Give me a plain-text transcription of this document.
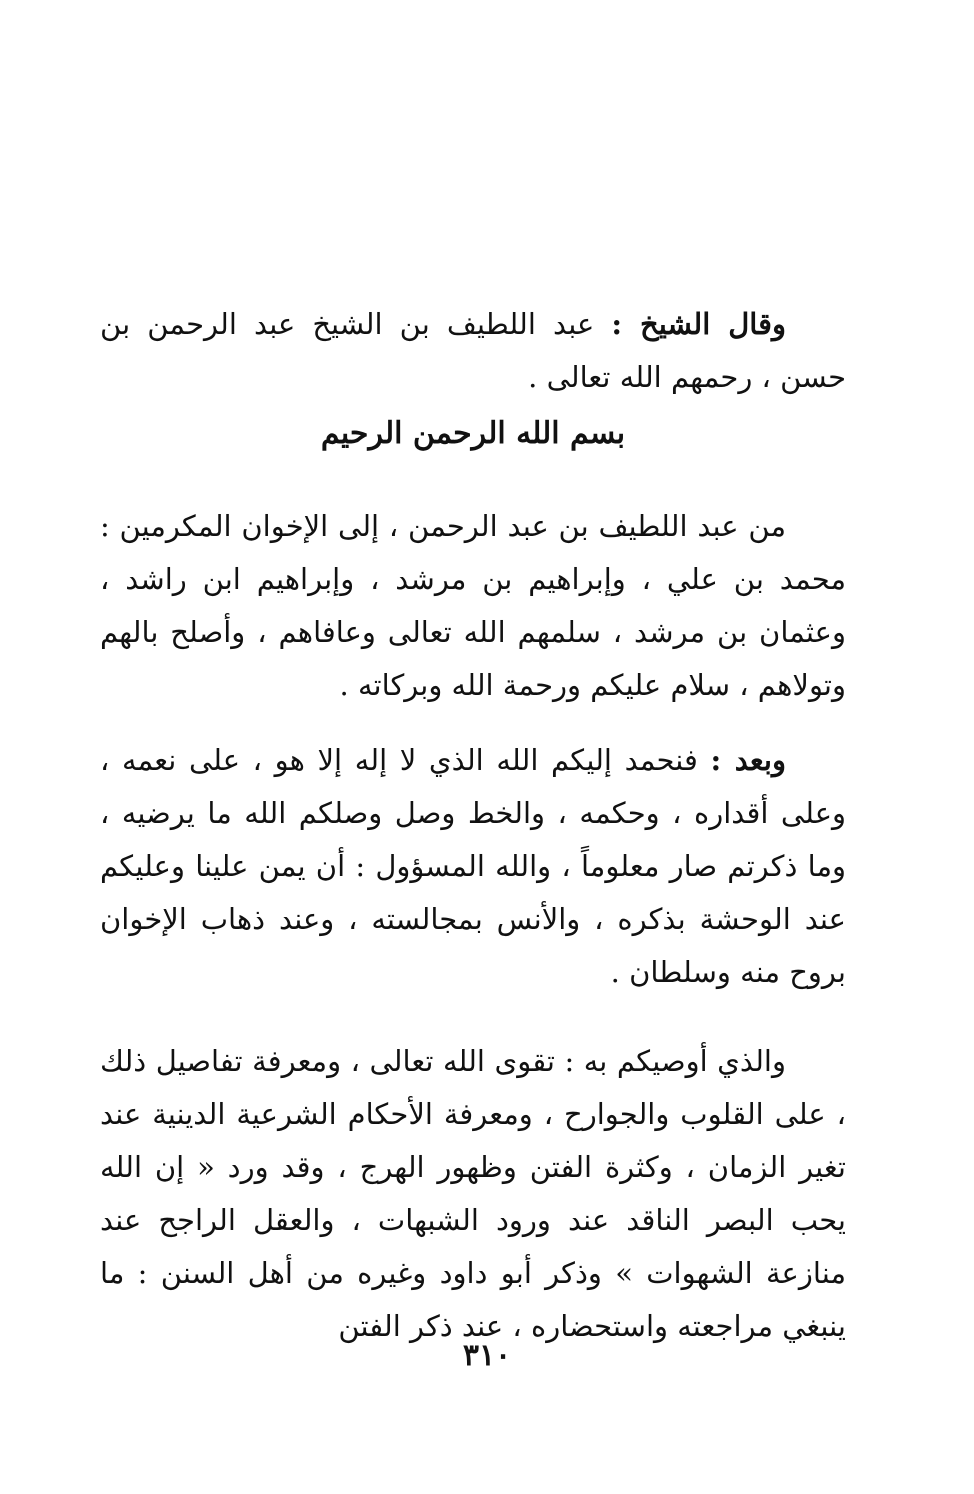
وقال الشيخ : عبد اللطيف بن الشيخ عبد الرحمن بن حسن ، رحمهم الله تعالى .

بسم الله الرحمن الرحيم

من عبد اللطيف بن عبد الرحمن ، إلى الإخوان المكرمين : محمد بن علي ، وإبراهيم بن مرشد ، وإبراهيم ابن راشد ، وعثمان بن مرشد ، سلمهم الله تعالى وعافاهم ، وأصلح بالهم وتولاهم ، سلام عليكم ورحمة الله وبركاته .

وبعد : فنحمد إليكم الله الذي لا إله إلا هو ، على نعمه ، وعلى أقداره ، وحكمه ، والخط وصل وصلكم الله ما يرضيه ، وما ذكرتم صار معلوماً ، والله المسؤول : أن يمن علينا وعليكم عند الوحشة بذكره ، والأنس بمجالسته ، وعند ذهاب الإخوان بروح منه وسلطان .

والذي أوصيكم به : تقوى الله تعالى ، ومعرفة تفاصيل ذلك ، على القلوب والجوارح ، ومعرفة الأحكام الشرعية الدينية عند تغير الزمان ، وكثرة الفتن وظهور الهرج ، وقد ورد « إن الله يحب البصر الناقد عند ورود الشبهات ، والعقل الراجح عند منازعة الشهوات » وذكر أبو داود وغيره من أهل السنن : ما ينبغي مراجعته واستحضاره ، عند ذكر الفتن

٣١٠
